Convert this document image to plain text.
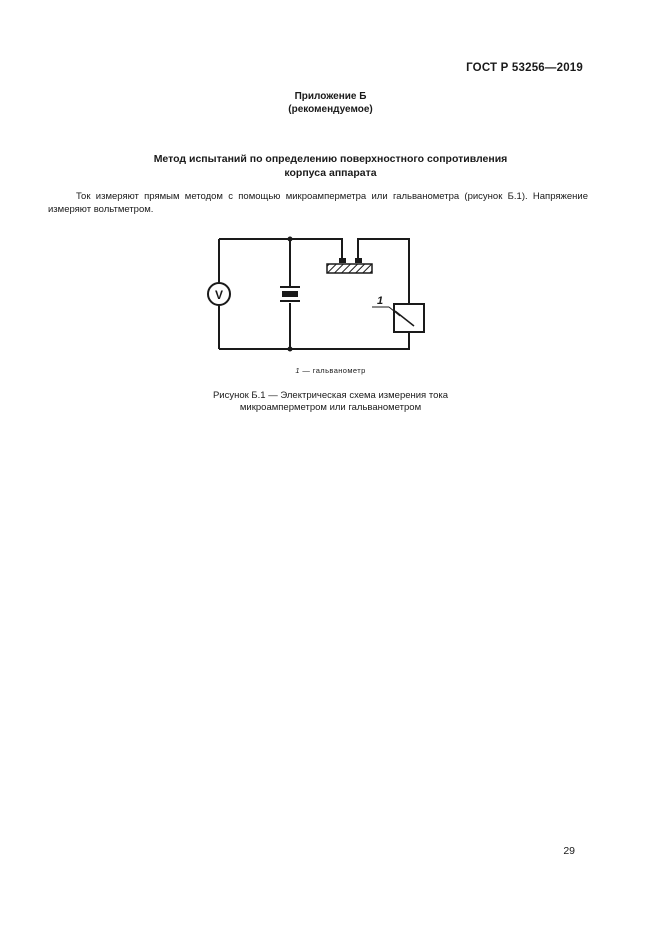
ГОСТ Р 53256—2019
Приложение Б
(рекомендуемое)
Метод испытаний по определению поверхностного сопротивления
корпуса аппарата
Ток измеряют прямым методом с помощью микроамперметра или гальванометра (рисунок Б.1). Напряжение измеряют вольтметром.
V	1
1 — гальванометр
Рисунок Б.1 — Электрическая схема измерения тока
микроамперметром или гальванометром
29
